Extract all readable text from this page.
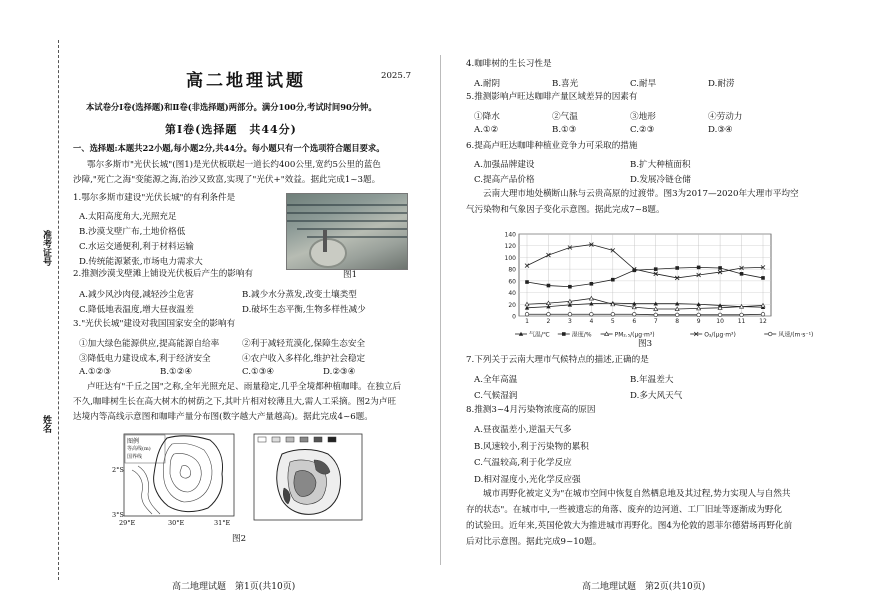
准考证号
姓名
高二地理试题	2025.7
本试卷分Ⅰ卷(选择题)和Ⅱ卷(非选择题)两部分。满分100分,考试时间90分钟。
第Ⅰ卷(选择题　共44分)
一、选择题:本题共22小题,每小题2分,共44分。每小题只有一个选项符合题目要求。
鄂尔多斯市"光伏长城"(图1)是光伏板联起一道长约400公里,宽约5公里的蓝色
沙障,"死亡之海"变能源之海,治沙又致富,实现了"光伏+"效益。据此完成1~3题。
1.鄂尔多斯市建设"光伏长城"的有利条件是
A.太阳高度角大,光照充足
B.沙漠戈壁广布,土地价格低
C.水运交通便利,利于材料运输
D.传统能源紧张,市场电力需求大
图1
2.推测沙漠戈壁滩上铺设光伏板后产生的影响有
A.减少风沙肉侵,减轻沙尘危害	B.减少水分蒸发,改变土壤类型
C.降低地表温度,增大昼夜温差	D.破坏生态平衡,生物多样性减少
3."光伏长城"建设对我国国家安全的影响有
①加大绿色能源供应,提高能源自给率	②利于减轻荒漠化,保障生态安全
③降低电力建设成本,利于经济安全	④农户收入多样化,维护社会稳定
A.①②③	B.①②④	C.①③④	D.②③④
卢旺达有"千丘之国"之称,全年光照充足、雨量稳定,几乎全境都种植咖啡。在独立后
不久,咖啡树生长在高大树木的树荫之下,其叶片相对较薄且大,需人工采摘。图2为卢旺
达境内等高线示意图和咖啡产量分布图(数字越大产量越高)。据此完成4~6题。
图例
等高线(m)
国界线
2°S
3°S
29°E	30°E	31°E
图2
高二地理试题　第1页(共10页)
4.咖啡树的生长习性是
A.耐阴	B.喜光	C.耐旱	D.耐涝
5.推测影响卢旺达咖啡产量区域差异的因素有
①降水	②气温	③地形	④劳动力
A.①②	B.①③	C.②③	D.③④
6.提高卢旺达咖啡种植业竞争力可采取的措施
A.加强品牌建设	B.扩大种植面积
C.提高产品价格	D.发展冷链仓储
云南大理市地处横断山脉与云贵高原的过渡带。图3为2017—2020年大理市平均空
气污染物和气象因子变化示意图。据此完成7~8题。
0
20
40
60
80
100
120
140
1	2	3	4	5	6	7	8	9	10 11 12
气温/℃	湿度/%	PM₂.₅/(μg·m³)	O₃/(μg·m³)	风速/(m·s⁻¹)
图3
7.下列关于云南大理市气候特点的描述,正确的是
A.全年高温	B.年温差大
C.气候湿润	D.多大风天气
8.推测3~4月污染物浓度高的原因
A.昼夜温差小,逆温天气多
B.风速较小,利于污染物的累积
C.气温较高,利于化学反应
D.相对湿度小,光化学反应强
城市再野化被定义为"在城市空间中恢复自然栖息地及其过程,势力实现人与自然共
存的状态"。在城市中,一些被遗忘的角落、废弃的边河道、工厂旧址等逐渐成为野化
的试验田。近年来,英国伦敦大为推进城市再野化。图4为伦敦的恩菲尔德猎场再野化前
后对比示意图。据此完成9~10题。
高二地理试题　第2页(共10页)
